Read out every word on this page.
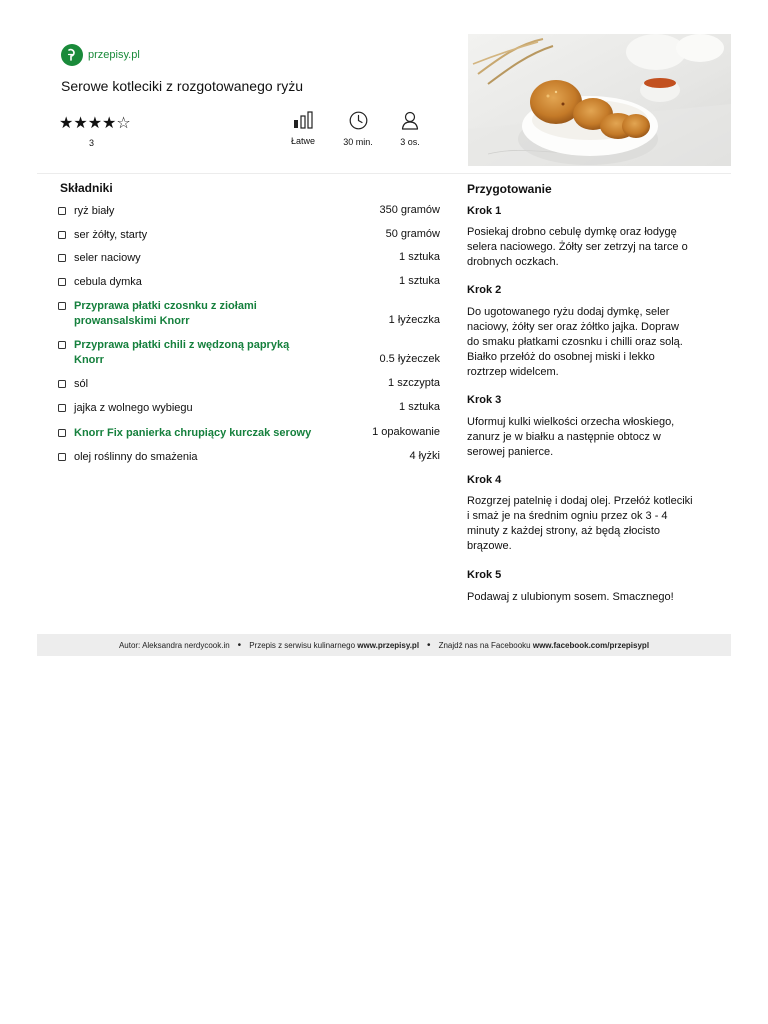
przepisy.pl
Serowe kotleciki z rozgotowanego ryżu
★★★★☆
3	Łatwe	30 min.	3 os.
Składniki
ryż biały	350 gramów
ser żółty, starty	50 gramów
seler naciowy	1 sztuka
cebula dymka	1 sztuka
Przyprawa płatki czosnku z ziołami
prowansalskimi Knorr	1 łyżeczka
Przyprawa płatki chili z wędzoną papryką
Knorr	0.5 łyżeczek
sól	1 szczypta
jajka z wolnego wybiegu	1 sztuka
Knorr Fix panierka chrupiący kurczak serowy	1 opakowanie
olej roślinny do smażenia	4 łyżki
Przygotowanie
Krok 1
Posiekaj drobno cebulę dymkę oraz łodygę
selera naciowego. Żółty ser zetrzyj na tarce o
drobnych oczkach.
Krok 2
Do ugotowanego ryżu dodaj dymkę, seler
naciowy, żółty ser oraz żółtko jajka. Dopraw
do smaku płatkami czosnku i chilli oraz solą.
Białko przełóż do osobnej miski i lekko
roztrzep widelcem.
Krok 3
Uformuj kulki wielkości orzecha włoskiego,
zanurz je w białku a następnie obtocz w
serowej panierce.
Krok 4
Rozgrzej patelnię i dodaj olej. Przełóż kotleciki
i smaż je na średnim ogniu przez ok 3 - 4
minuty z każdej strony, aż będą złocisto
brązowe.
Krok 5
Podawaj z ulubionym sosem. Smacznego!
Autor: Aleksandra nerdycook.in • Przepis z serwisu kulinarnego
www.przepisy.pl • Znajdź nas na Facebooku
www.facebook.com/przepisypl
